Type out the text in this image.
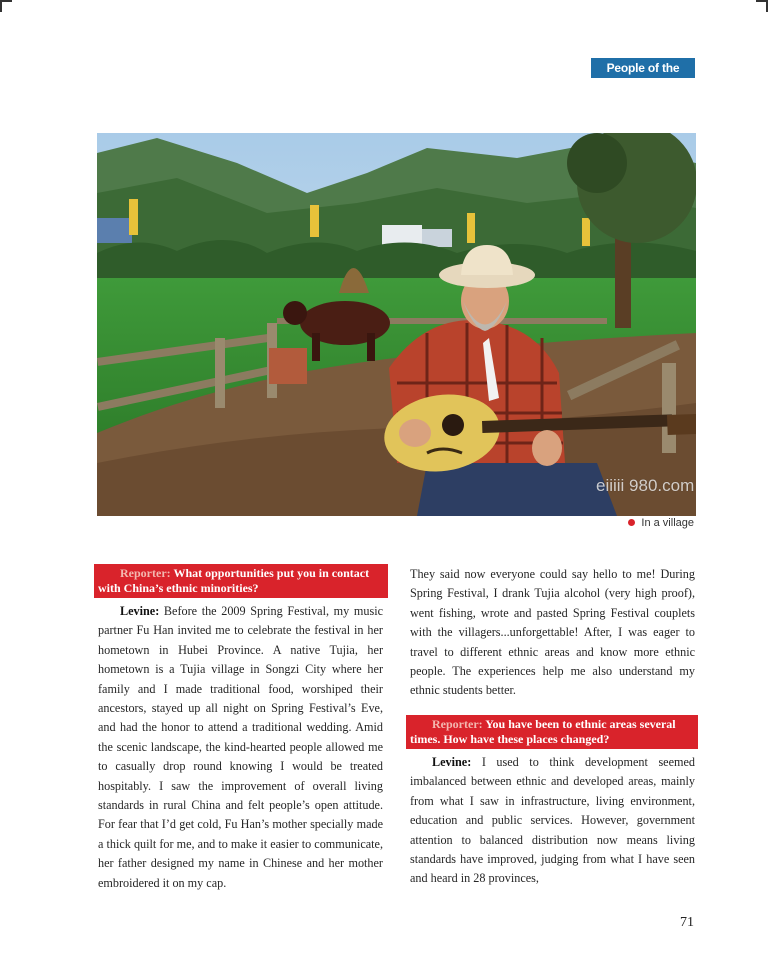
People of the times
eiiiii 980.com
In a village
Reporter: What opportunities put you in contact
with China’s ethnic minorities?

Levine: Before the 2009 Spring Festival, my music partner Fu Han invited me to celebrate the festival in her hometown in Hubei Province. A native Tujia, her hometown is a Tujia village in Songzi City where her family and I made traditional food, worshiped their ancestors, stayed up all night on Spring Festival’s Eve, and had the honor to attend a traditional wedding. Amid the scenic landscape, the kind-hearted people allowed me to casually drop round knowing I would be treated hospitably. I saw the improvement of overall living standards in rural China and felt people’s open attitude. For fear that I’d get cold, Fu Han’s mother specially made a thick quilt for me, and to make it easier to communicate, her father designed my name in Chinese and her mother embroidered it on my cap.

They said now everyone could say hello to me! During Spring Festival, I drank Tujia alcohol (very high proof), went fishing, wrote and pasted Spring Festival couplets with the villagers...unforgettable! After, I was eager to travel to different ethnic areas and know more ethnic people. The experiences help me also understand my ethnic students better.

Reporter: You have been to ethnic areas several
times. How have these places changed?

Levine: I used to think development seemed imbalanced between ethnic and developed areas, mainly from what I saw in infrastructure, living environment, education and public services. However, government attention to balanced distribution now means living standards have improved, judging from what I have seen and heard in 28 provinces,

71
